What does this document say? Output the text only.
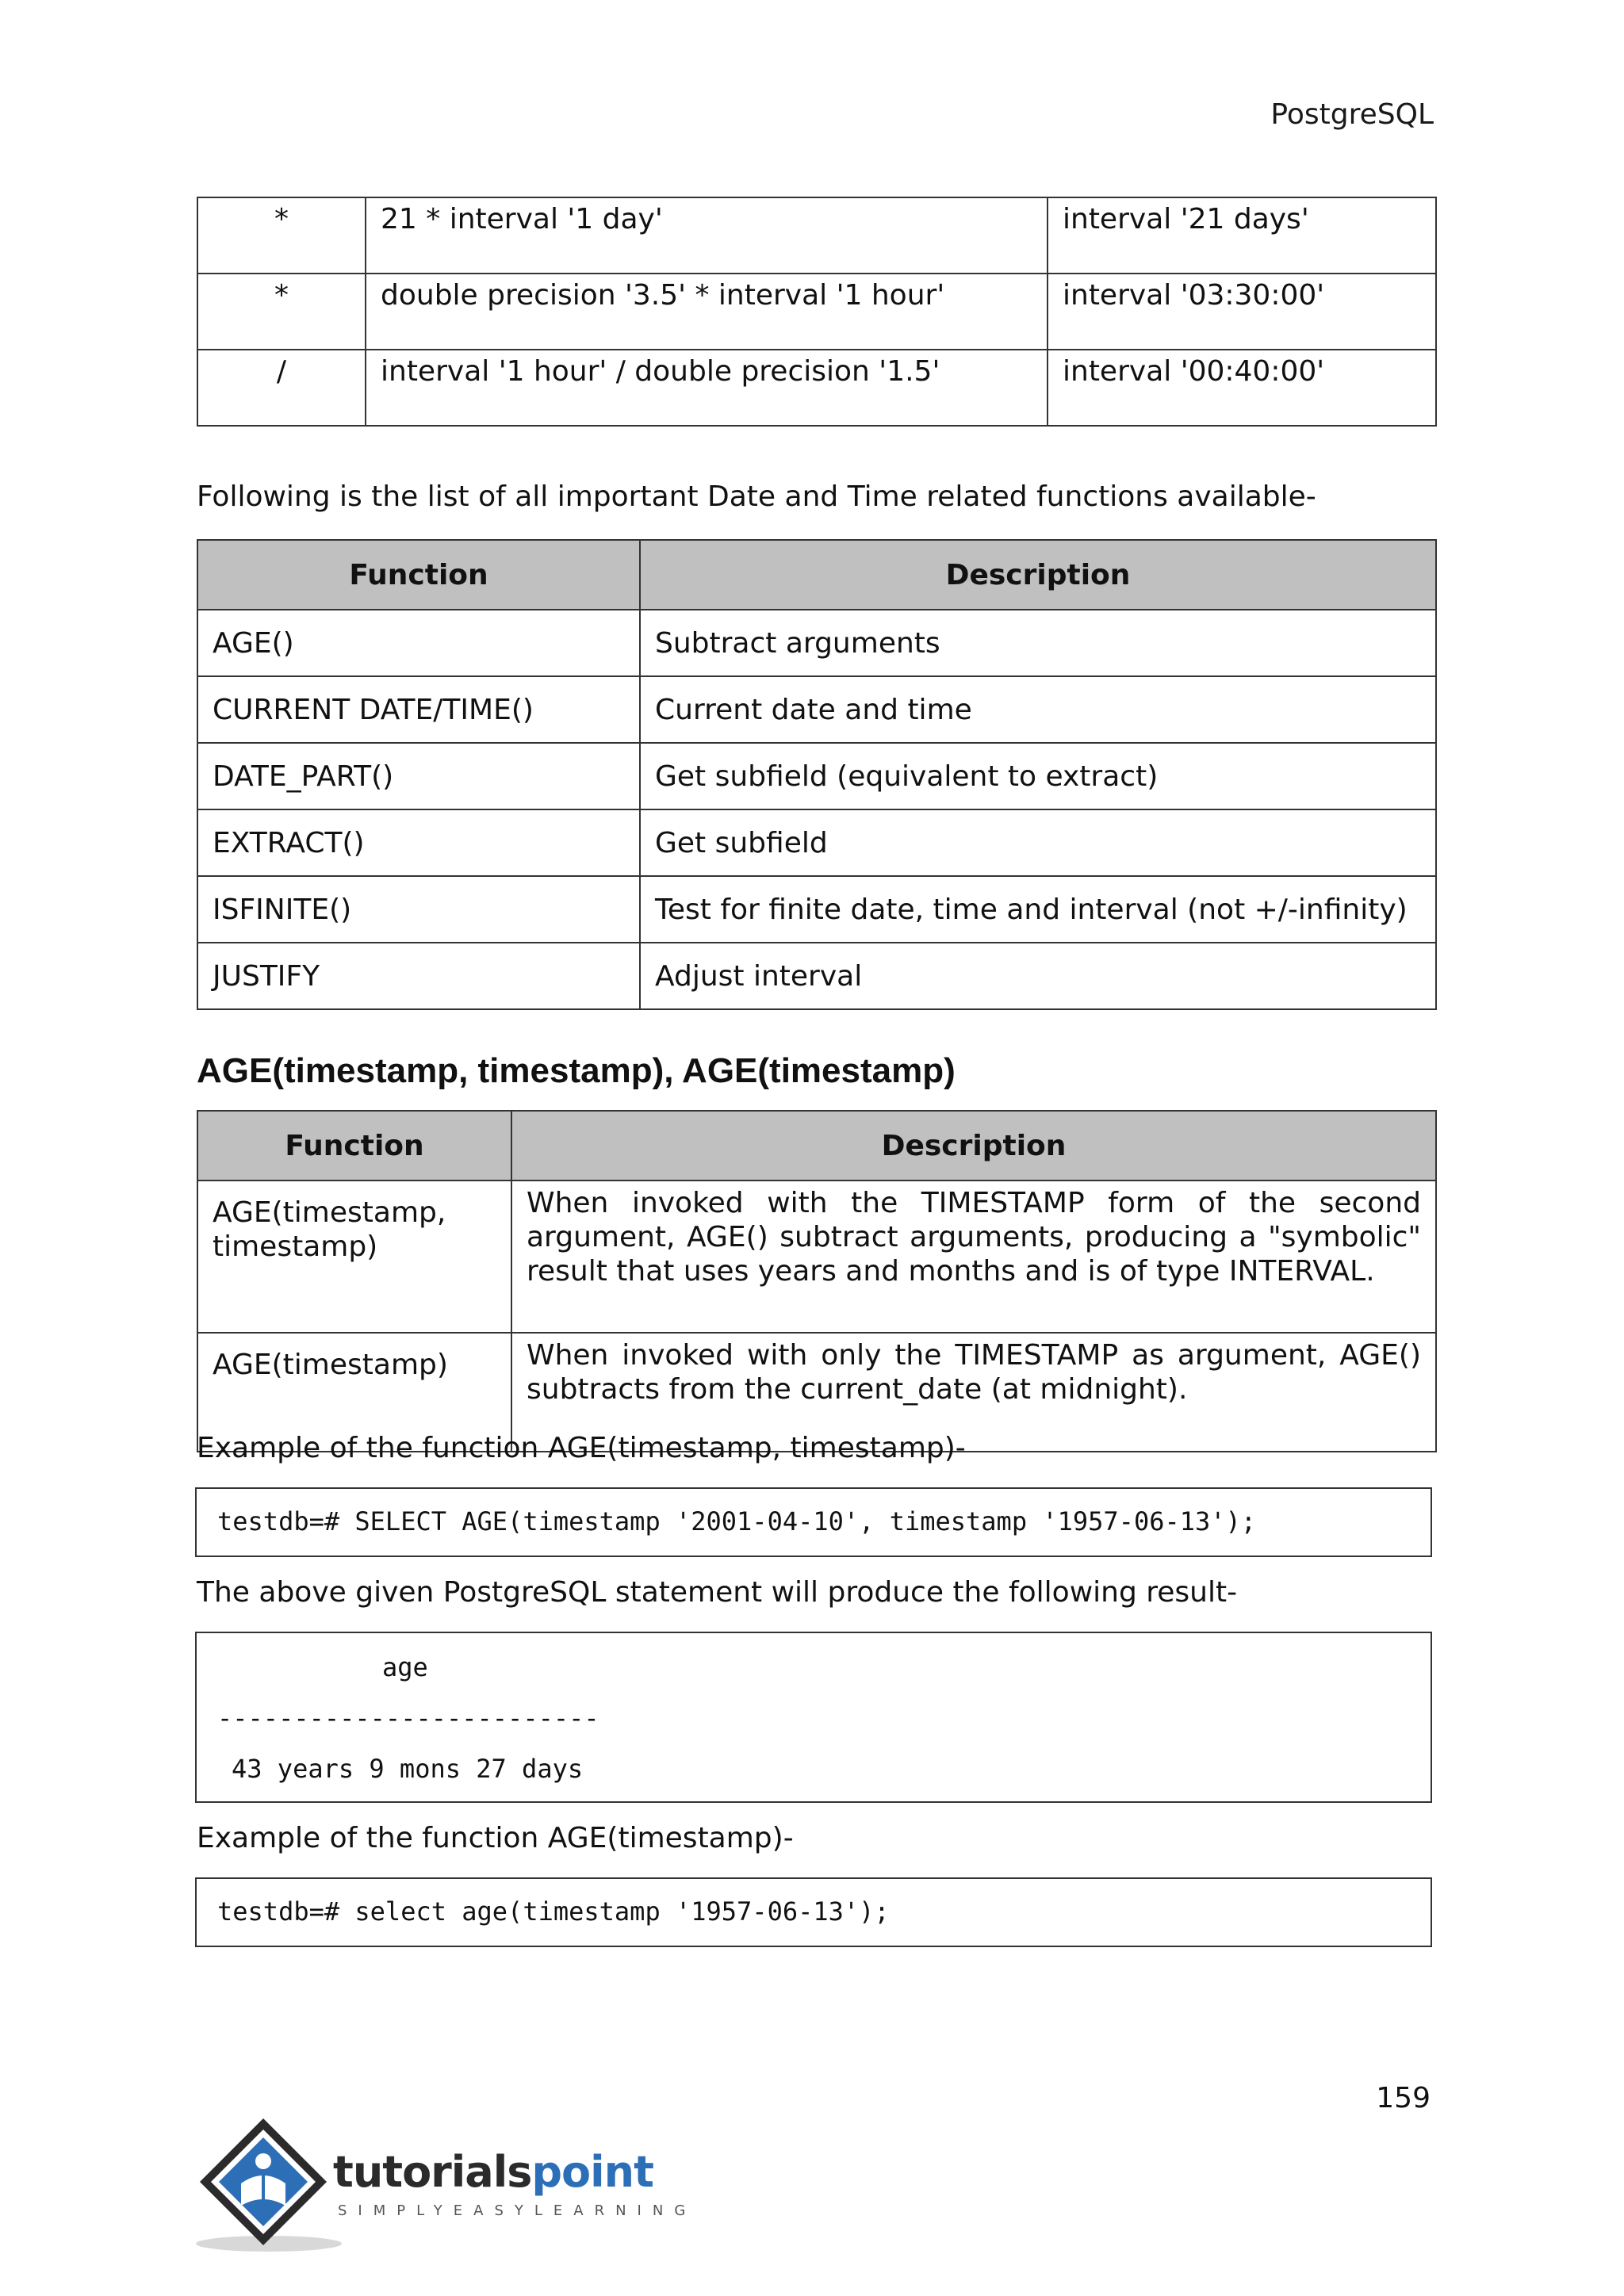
PostgreSQL
*	21 * interval '1 day'	interval '21 days'
*	double precision '3.5' * interval '1 hour'	interval '03:30:00'
/	interval '1 hour' / double precision '1.5'	interval '00:40:00'
Following is the list of all important Date and Time related functions available-
Function	Description
AGE()	Subtract arguments
CURRENT DATE/TIME()	Current date and time
DATE_PART()	Get subfield (equivalent to extract)
EXTRACT()	Get subfield
ISFINITE()	Test for finite date, time and interval (not +/-infinity)
JUSTIFY	Adjust interval
AGE(timestamp, timestamp), AGE(timestamp)
Function	Description
AGE(timestamp, timestamp)	When invoked with the TIMESTAMP form of the second argument, AGE() subtract arguments, producing a "symbolic" result that uses years and months and is of type INTERVAL.
AGE(timestamp)	When invoked with only the TIMESTAMP as argument, AGE() subtracts from the current_date (at midnight).
Example of the function AGE(timestamp, timestamp)-
testdb=# SELECT AGE(timestamp '2001-04-10', timestamp '1957-06-13');
The above given PostgreSQL statement will produce the following result-
age
-------------------------
43 years 9 mons 27 days
Example of the function AGE(timestamp)-
testdb=# select age(timestamp '1957-06-13');
159
tutorialspoint
SIMPLYEASYLEARNING
